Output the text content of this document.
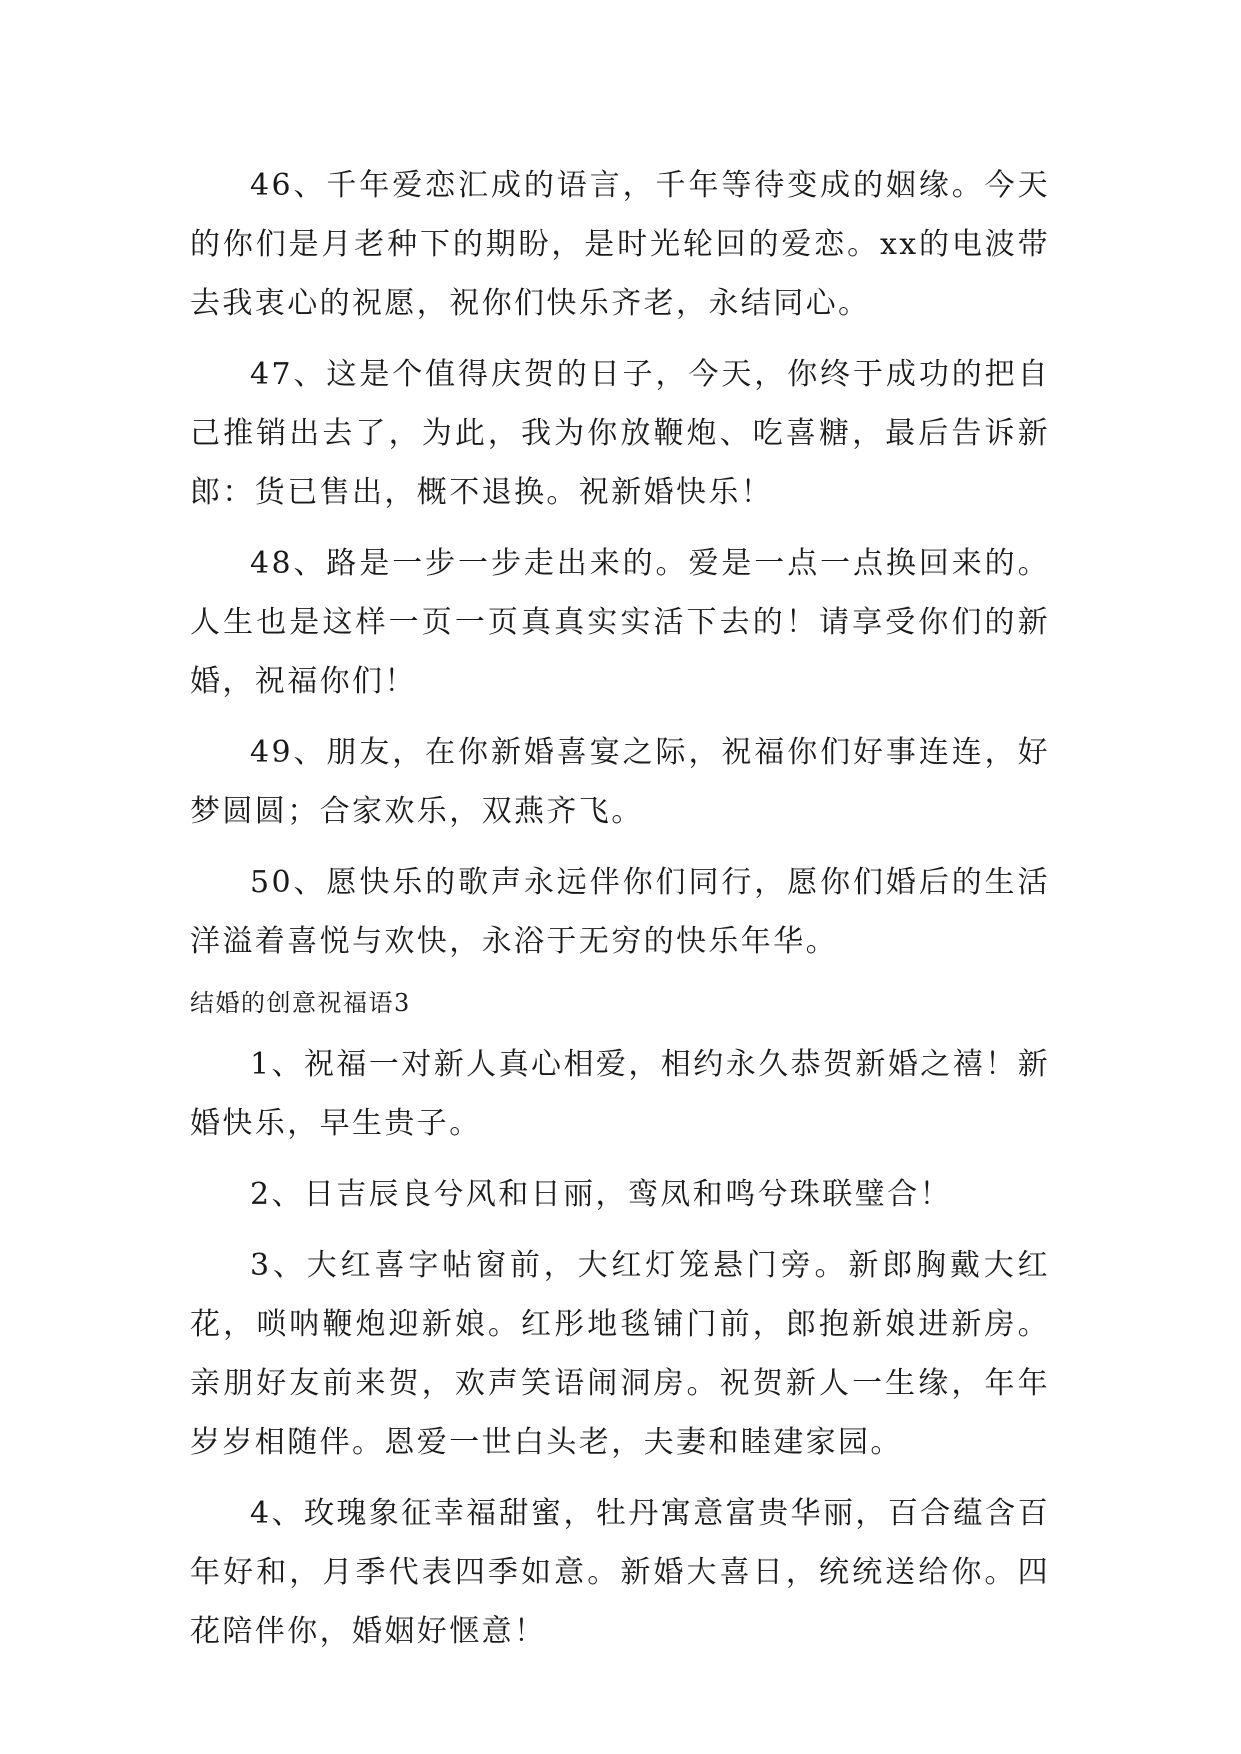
46、千年爱恋汇成的语言，千年等待变成的姻缘。今天的你们是月老种下的期盼，是时光轮回的爱恋。xx的电波带去我衷心的祝愿，祝你们快乐齐老，永结同心。

47、这是个值得庆贺的日子，今天，你终于成功的把自己推销出去了，为此，我为你放鞭炮、吃喜糖，最后告诉新郎：货已售出，概不退换。祝新婚快乐！

48、路是一步一步走出来的。爱是一点一点换回来的。人生也是这样一页一页真真实实活下去的！请享受你们的新婚，祝福你们！

49、朋友，在你新婚喜宴之际，祝福你们好事连连，好梦圆圆；合家欢乐，双燕齐飞。

50、愿快乐的歌声永远伴你们同行，愿你们婚后的生活洋溢着喜悦与欢快，永浴于无穷的快乐年华。

结婚的创意祝福语3

1、祝福一对新人真心相爱，相约永久恭贺新婚之禧！新婚快乐，早生贵子。

2、日吉辰良兮风和日丽，鸾凤和鸣兮珠联璧合！

3、大红喜字帖窗前，大红灯笼悬门旁。新郎胸戴大红花，唢呐鞭炮迎新娘。红彤地毯铺门前，郎抱新娘进新房。亲朋好友前来贺，欢声笑语闹洞房。祝贺新人一生缘，年年岁岁相随伴。恩爱一世白头老，夫妻和睦建家园。

4、玫瑰象征幸福甜蜜，牡丹寓意富贵华丽，百合蕴含百年好和，月季代表四季如意。新婚大喜日，统统送给你。四花陪伴你，婚姻好惬意！
